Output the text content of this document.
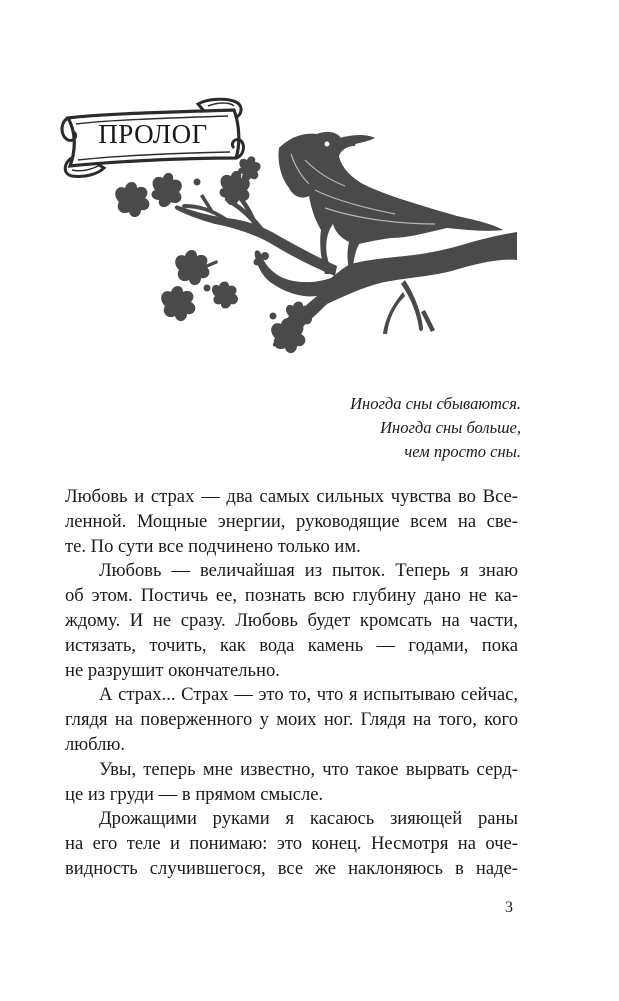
ПРОЛОГ
Иногда сны сбываются.
Иногда сны больше,
чем просто сны.
Любовь и страх — два самых сильных чувства во Все-
ленной. Мощные энергии, руководящие всем на све-
те. По сути все подчинено только им.
Любовь — величайшая из пыток. Теперь я знаю
об этом. Постичь ее, познать всю глубину дано не ка-
ждому. И не сразу. Любовь будет кромсать на части,
истязать, точить, как вода камень — годами, пока
не разрушит окончательно.
А страх... Страх — это то, что я испытываю сейчас,
глядя на поверженного у моих ног. Глядя на того, кого
люблю.
Увы, теперь мне известно, что такое вырвать серд-
це из груди — в прямом смысле.
Дрожащими руками я касаюсь зияющей раны
на его теле и понимаю: это конец. Несмотря на оче-
видность случившегося, все же наклоняюсь в наде-
3
